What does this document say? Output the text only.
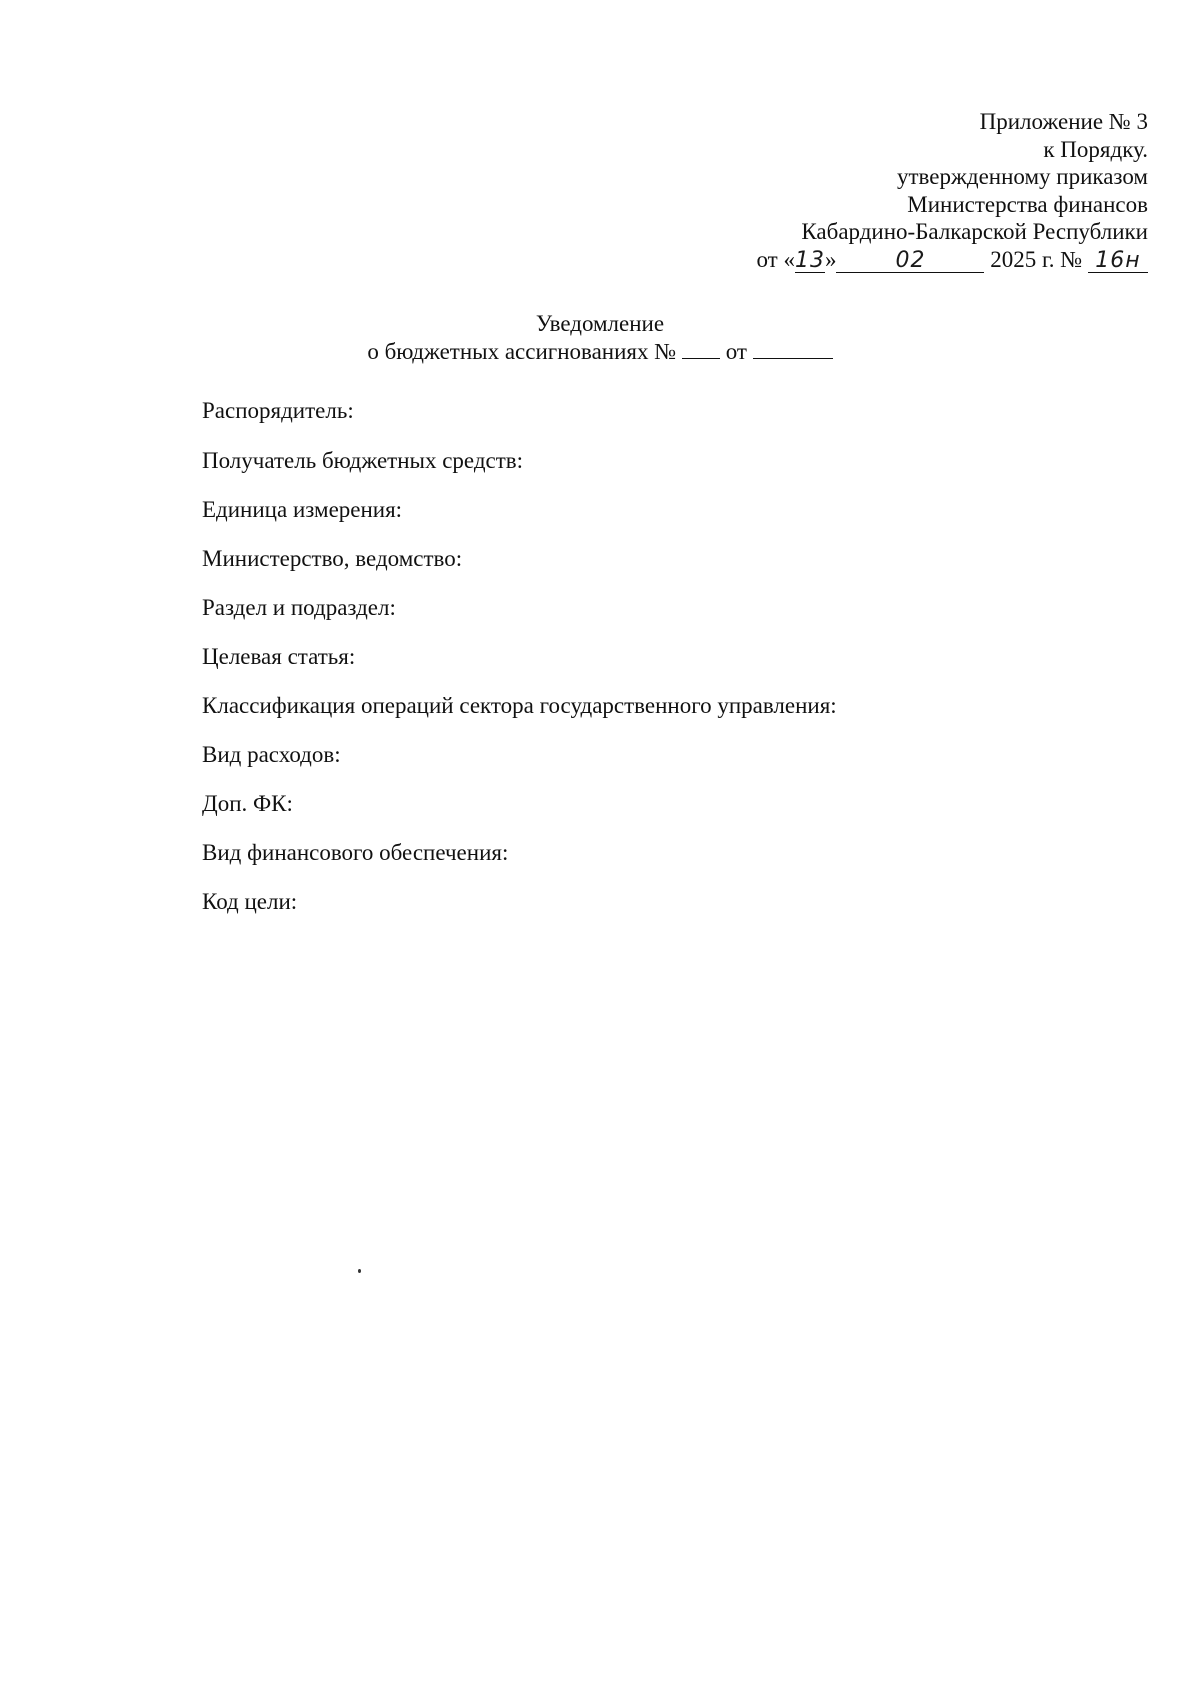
Приложение № 3
к Порядку.
утвержденному приказом
Министерства финансов
Кабардино-Балкарской Республики
от «13»	02	2025 г. № 16н
Уведомление
о бюджетных ассигнованиях № от
Распорядитель:
Получатель бюджетных средств:
Единица измерения:
Министерство, ведомство:
Раздел и подраздел:
Целевая статья:
Классификация операций сектора государственного управления:
Вид расходов:
Доп. ФК:
Вид финансового обеспечения:
Код цели:
